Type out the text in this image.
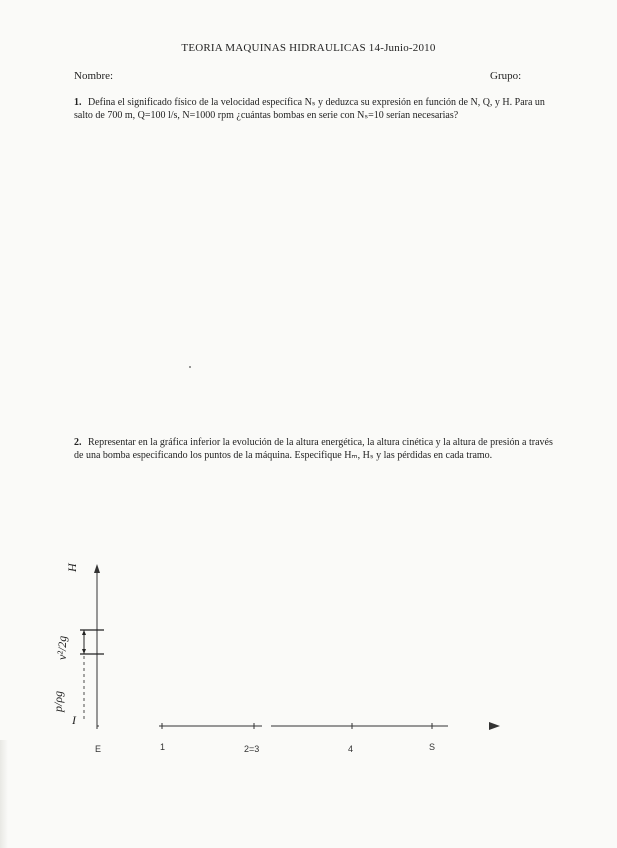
TEORIA MAQUINAS HIDRAULICAS 14-Junio-2010
Nombre:	Grupo:
1. Defina el significado físico de la velocidad específica Nₛ y deduzca su expresión en función de N, Q, y H. Para un salto de 700 m, Q=100 l/s, N=1000 rpm ¿cuántas bombas en serie con Nₛ=10 serían necesarias?
2. Representar en la gráfica inferior la evolución de la altura energética, la altura cinética y la altura de presión a través de una bomba especificando los puntos de la máquina. Especifique Hₘ, Hₛ y las pérdidas en cada tramo.
H
E	1	2=3	4	S
v²/2g
p/ρg
I
